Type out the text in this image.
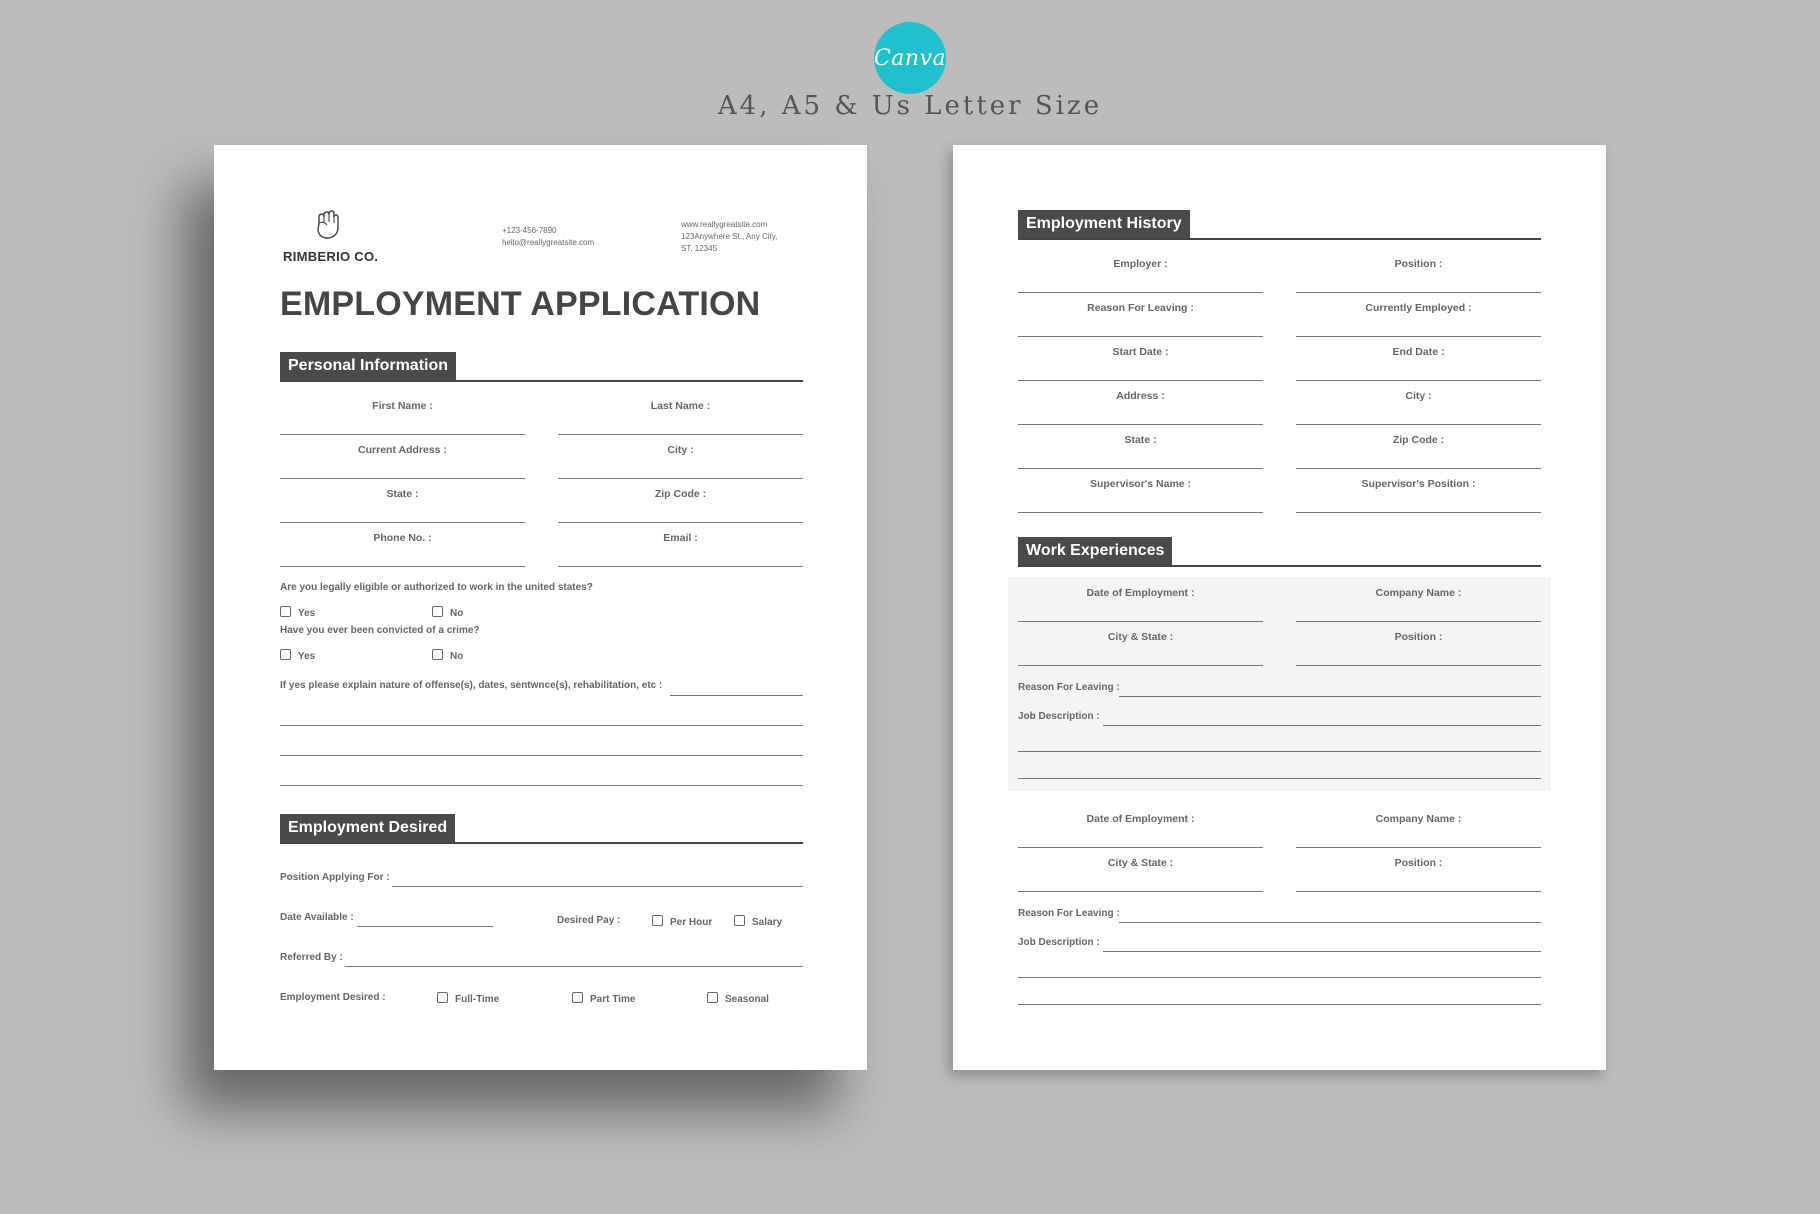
Canva
A4, A5 & Us Letter Size
RIMBERIO CO.
+123-456-7890
hello@reallygreatsite.com
www.reallygreatsite.com
123Anywhere St., Any City,
ST, 12345
EMPLOYMENT APPLICATION
Personal Information
First Name :	Last Name :
Current Address :	City :
State :	Zip Code :
Phone No. :	Email :
Are you legally eligible or authorized to work in the united states?
Yes	No
Have you ever been convicted of a crime?
Yes	No
If yes please explain nature of offense(s), dates, sentwnce(s), rehabilitation, etc :
Employment Desired
Position Applying For :
Date Available :	Desired Pay :	Per Hour	Salary
Referred By :
Employment Desired :	Full-Time	Part Time	Seasonal
Employment History
Employer :	Position :
Reason For Leaving :	Currently Employed :
Start Date :	End Date :
Address :	City :
State :	Zip Code :
Supervisor's Name :	Supervisor's Position :
Work Experiences
Date of Employment :	Company Name :
City & State :	Position :
Reason For Leaving :
Job Description :
Date of Employment :	Company Name :
City & State :	Position :
Reason For Leaving :
Job Description :
